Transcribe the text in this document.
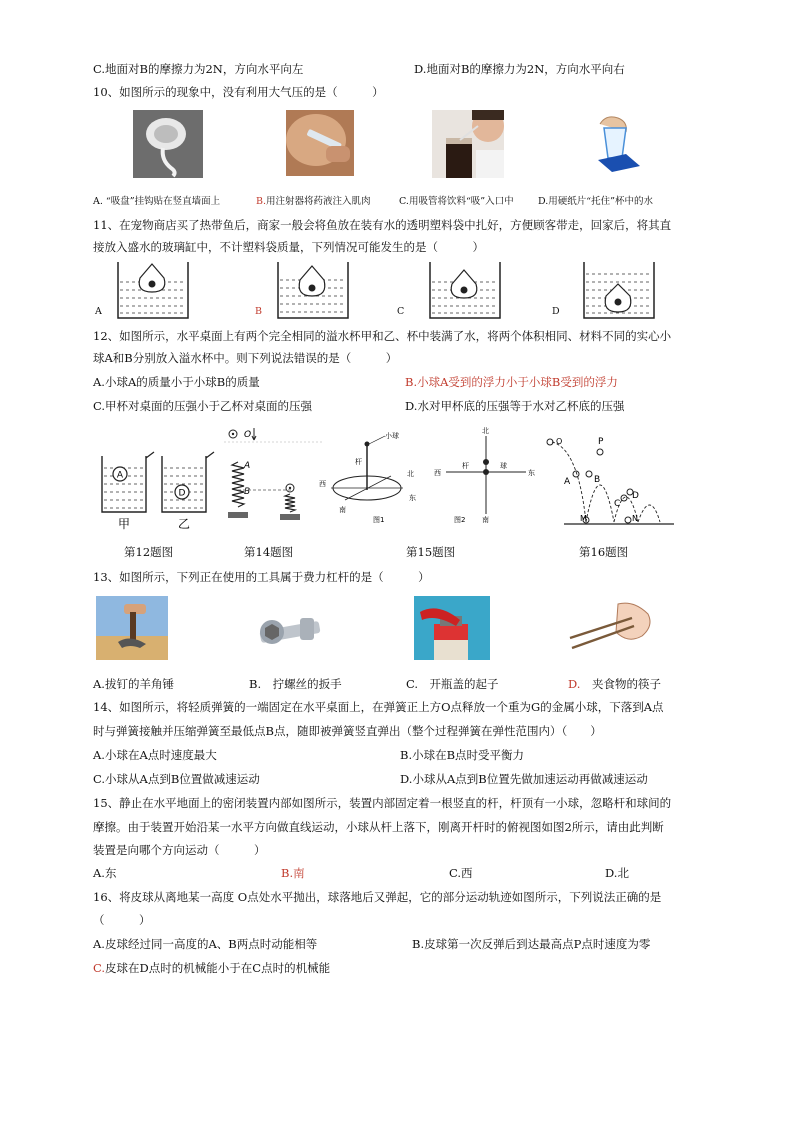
C.地面对B的摩擦力为2N，方向水平向左	D.地面对B的摩擦力为2N，方向水平向右
10、如图所示的现象中，没有利用大气压的是（　　　）
A. “吸盘”挂钩贴在竖直墙面上	B.用注射器将药液注入肌肉	C.用吸管将饮料“吸”入口中	D.用硬纸片“托住”杯中的水
11、在宠物商店买了热带鱼后，商家一般会将鱼放在装有水的透明塑料袋中扎好，方便顾客带走，回家后，将其直
接放入盛水的玻璃缸中，不计塑料袋质量，下列情况可能发生的是（　　　）
A	B	C	D
12、如图所示，水平桌面上有两个完全相同的溢水杯甲和乙、杯中装满了水，将两个体积相同、材料不同的实心小
球A和B分别放入溢水杯中。则下列说法错误的是（　　　）
A.小球A的质量小于小球B的质量	B.小球A受到的浮力小于小球B受到的浮力
C.甲杯对桌面的压强小于乙杯对桌面的压强	D.水对甲杯底的压强等于水对乙杯底的压强
A
D
甲	乙
O
A
B
小球
杆
西
北
东
南
图1
北
西	东
南
杆	球
图2
O	P
A	B
C
D
M	N
第12题图	第14题图	第15题图	第16题图
13、如图所示，下列正在使用的工具属于费力杠杆的是（　　　）
A.拔钉的羊角锤	B.　拧螺丝的扳手	C.　开瓶盖的起子	D.　夹食物的筷子
14、如图所示，将轻质弹簧的一端固定在水平桌面上，在弹簧正上方O点释放一个重为G的金属小球，下落到A点
时与弹簧接触并压缩弹簧至最低点B点，随即被弹簧竖直弹出（整个过程弹簧在弹性范围内）（　　）
A.小球在A点时速度最大	B.小球在B点时受平衡力
C.小球从A点到B位置做减速运动	D.小球从A点到B位置先做加速运动再做减速运动
15、静止在水平地面上的密闭装置内部如图所示，装置内部固定着一根竖直的杆，杆顶有一小球，忽略杆和球间的
摩擦。由于装置开始沿某一水平方向做直线运动，小球从杆上落下，刚离开杆时的俯视图如图2所示，请由此判断
装置是向哪个方向运动（　　　）
A.东	B.南	C.西	D.北
16、将皮球从离地某一高度 O点处水平抛出，球落地后又弹起，它的部分运动轨迹如图所示，下列说法正确的是
（　　　）
A.皮球经过同一高度的A、B两点时动能相等	B.皮球第一次反弹后到达最高点P点时速度为零
C.皮球在D点时的机械能小于在C点时的机械能
